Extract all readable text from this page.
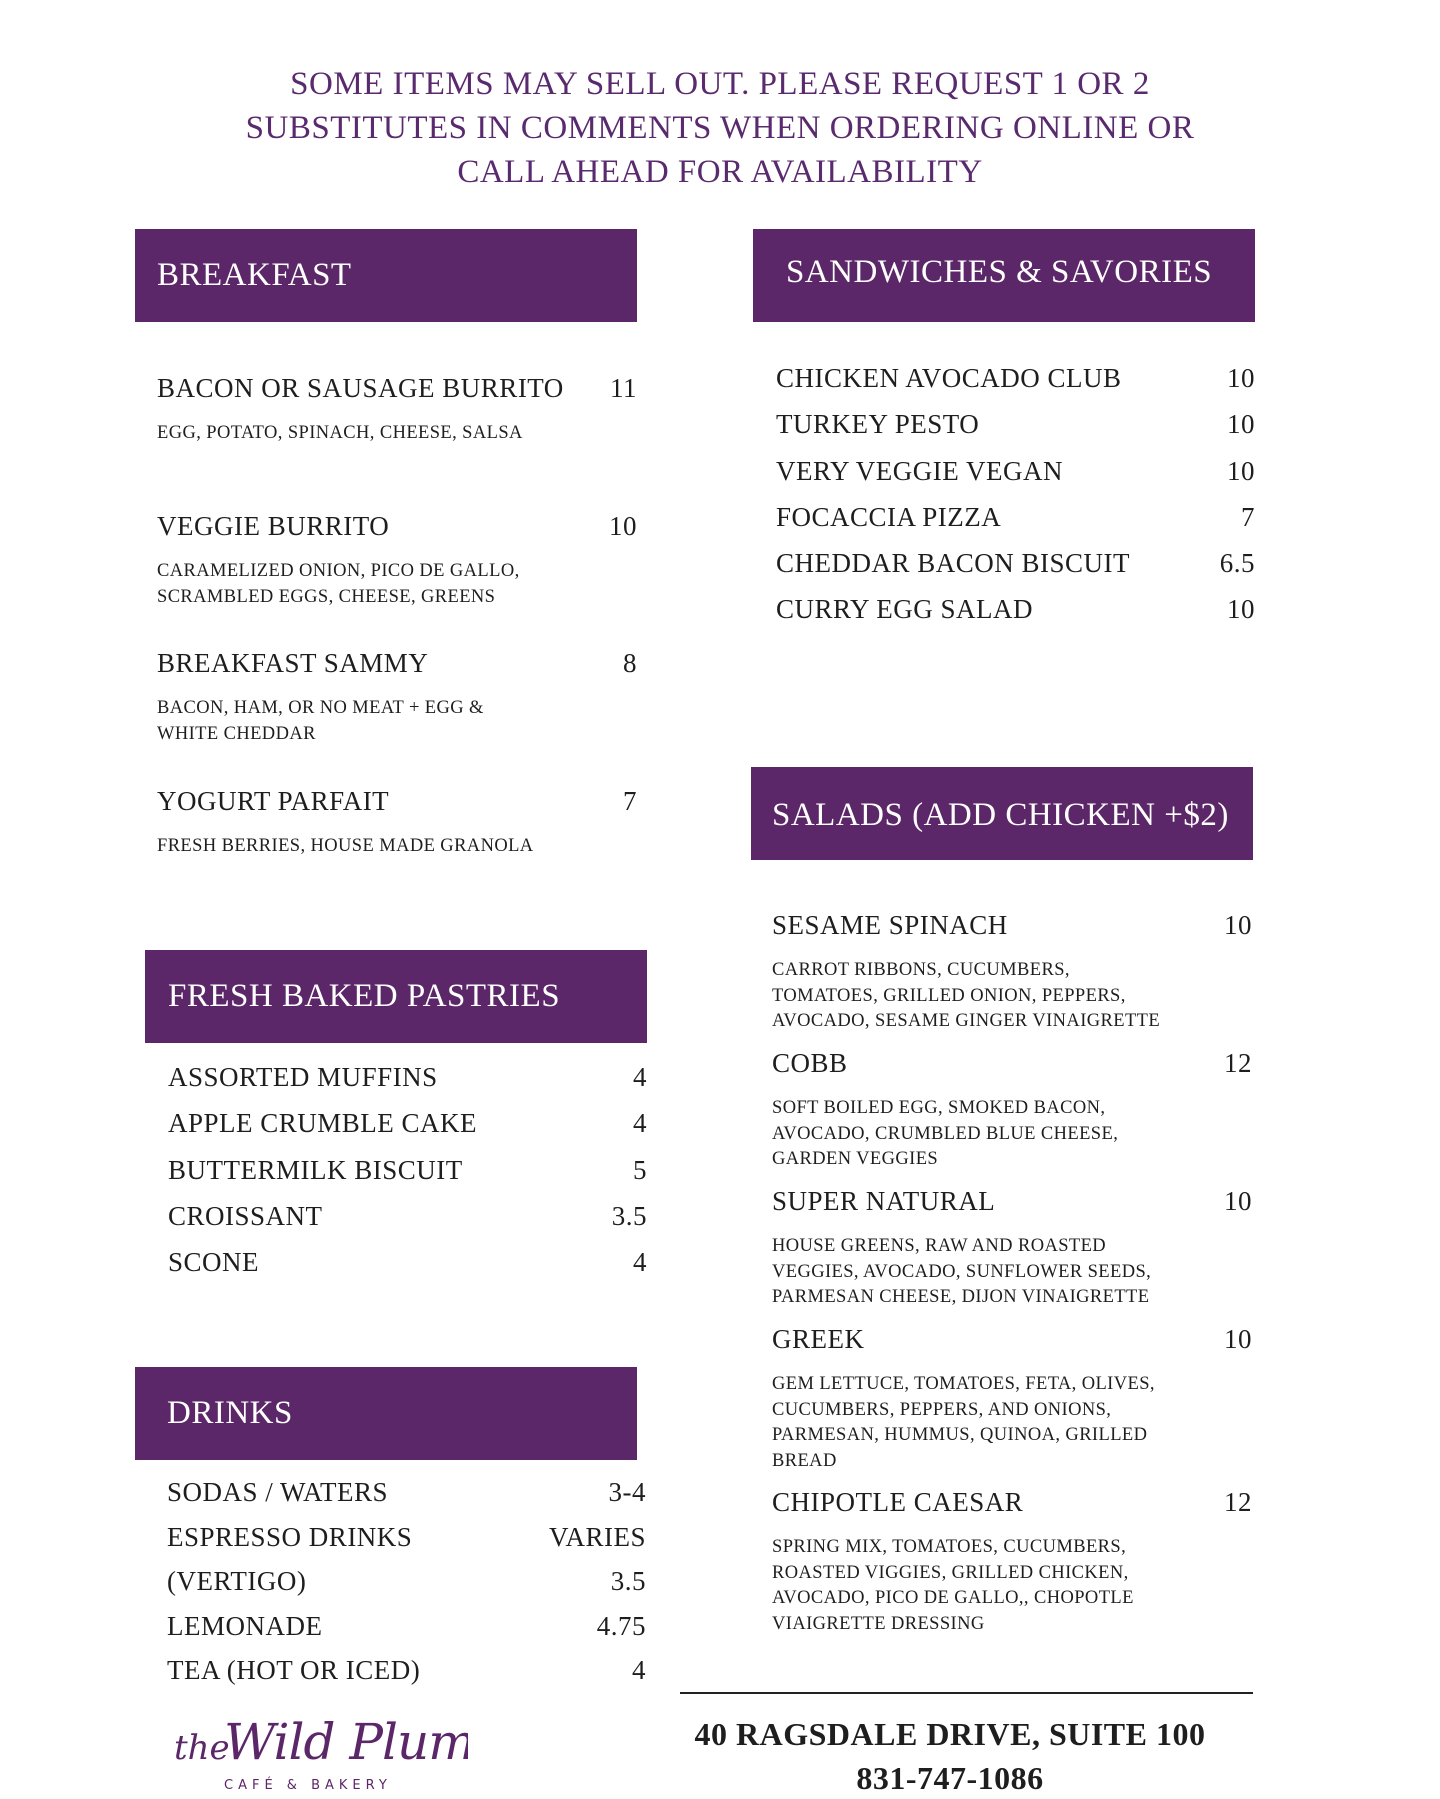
SOME ITEMS MAY SELL OUT. PLEASE REQUEST 1 OR 2
SUBSTITUTES IN COMMENTS WHEN ORDERING ONLINE OR
CALL AHEAD FOR AVAILABILITY
BREAKFAST
BACON OR SAUSAGE BURRITO 11
EGG, POTATO, SPINACH, CHEESE, SALSA
VEGGIE BURRITO	10
CARAMELIZED ONION, PICO DE GALLO,
SCRAMBLED EGGS, CHEESE, GREENS
BREAKFAST SAMMY	8
BACON, HAM, OR NO MEAT + EGG &
WHITE CHEDDAR
YOGURT PARFAIT	7
FRESH BERRIES, HOUSE MADE GRANOLA
FRESH BAKED PASTRIES
ASSORTED MUFFINS	4
APPLE CRUMBLE CAKE	4
BUTTERMILK BISCUIT	5
CROISSANT	3.5
SCONE	4
DRINKS
SODAS / WATERS	3-4
ESPRESSO DRINKS	VARIES
(VERTIGO)	3.5
LEMONADE	4.75
TEA (HOT OR ICED)	4
SANDWICHES & SAVORIES
CHICKEN AVOCADO CLUB	10
TURKEY PESTO	10
VERY VEGGIE VEGAN	10
FOCACCIA PIZZA	7
CHEDDAR BACON BISCUIT	6.5
CURRY EGG SALAD	10
SALADS (ADD CHICKEN +$2)
SESAME SPINACH	10
CARROT RIBBONS, CUCUMBERS,
TOMATOES, GRILLED ONION, PEPPERS,
AVOCADO, SESAME GINGER VINAIGRETTE
COBB	12
SOFT BOILED EGG, SMOKED BACON,
AVOCADO, CRUMBLED BLUE CHEESE,
GARDEN VEGGIES
SUPER NATURAL	10
HOUSE GREENS, RAW AND ROASTED
VEGGIES, AVOCADO, SUNFLOWER SEEDS,
PARMESAN CHEESE, DIJON VINAIGRETTE
GREEK	10
GEM LETTUCE, TOMATOES, FETA, OLIVES,
CUCUMBERS, PEPPERS, AND ONIONS,
PARMESAN, HUMMUS, QUINOA, GRILLED
BREAD
CHIPOTLE CAESAR	12
SPRING MIX, TOMATOES, CUCUMBERS,
ROASTED VIGGIES, GRILLED CHICKEN,
AVOCADO, PICO DE GALLO,, CHOPOTLE
VIAIGRETTE DRESSING
the
Wild Plum
CAFÉ & BAKERY
40 RAGSDALE DRIVE, SUITE 100
831-747-1086
